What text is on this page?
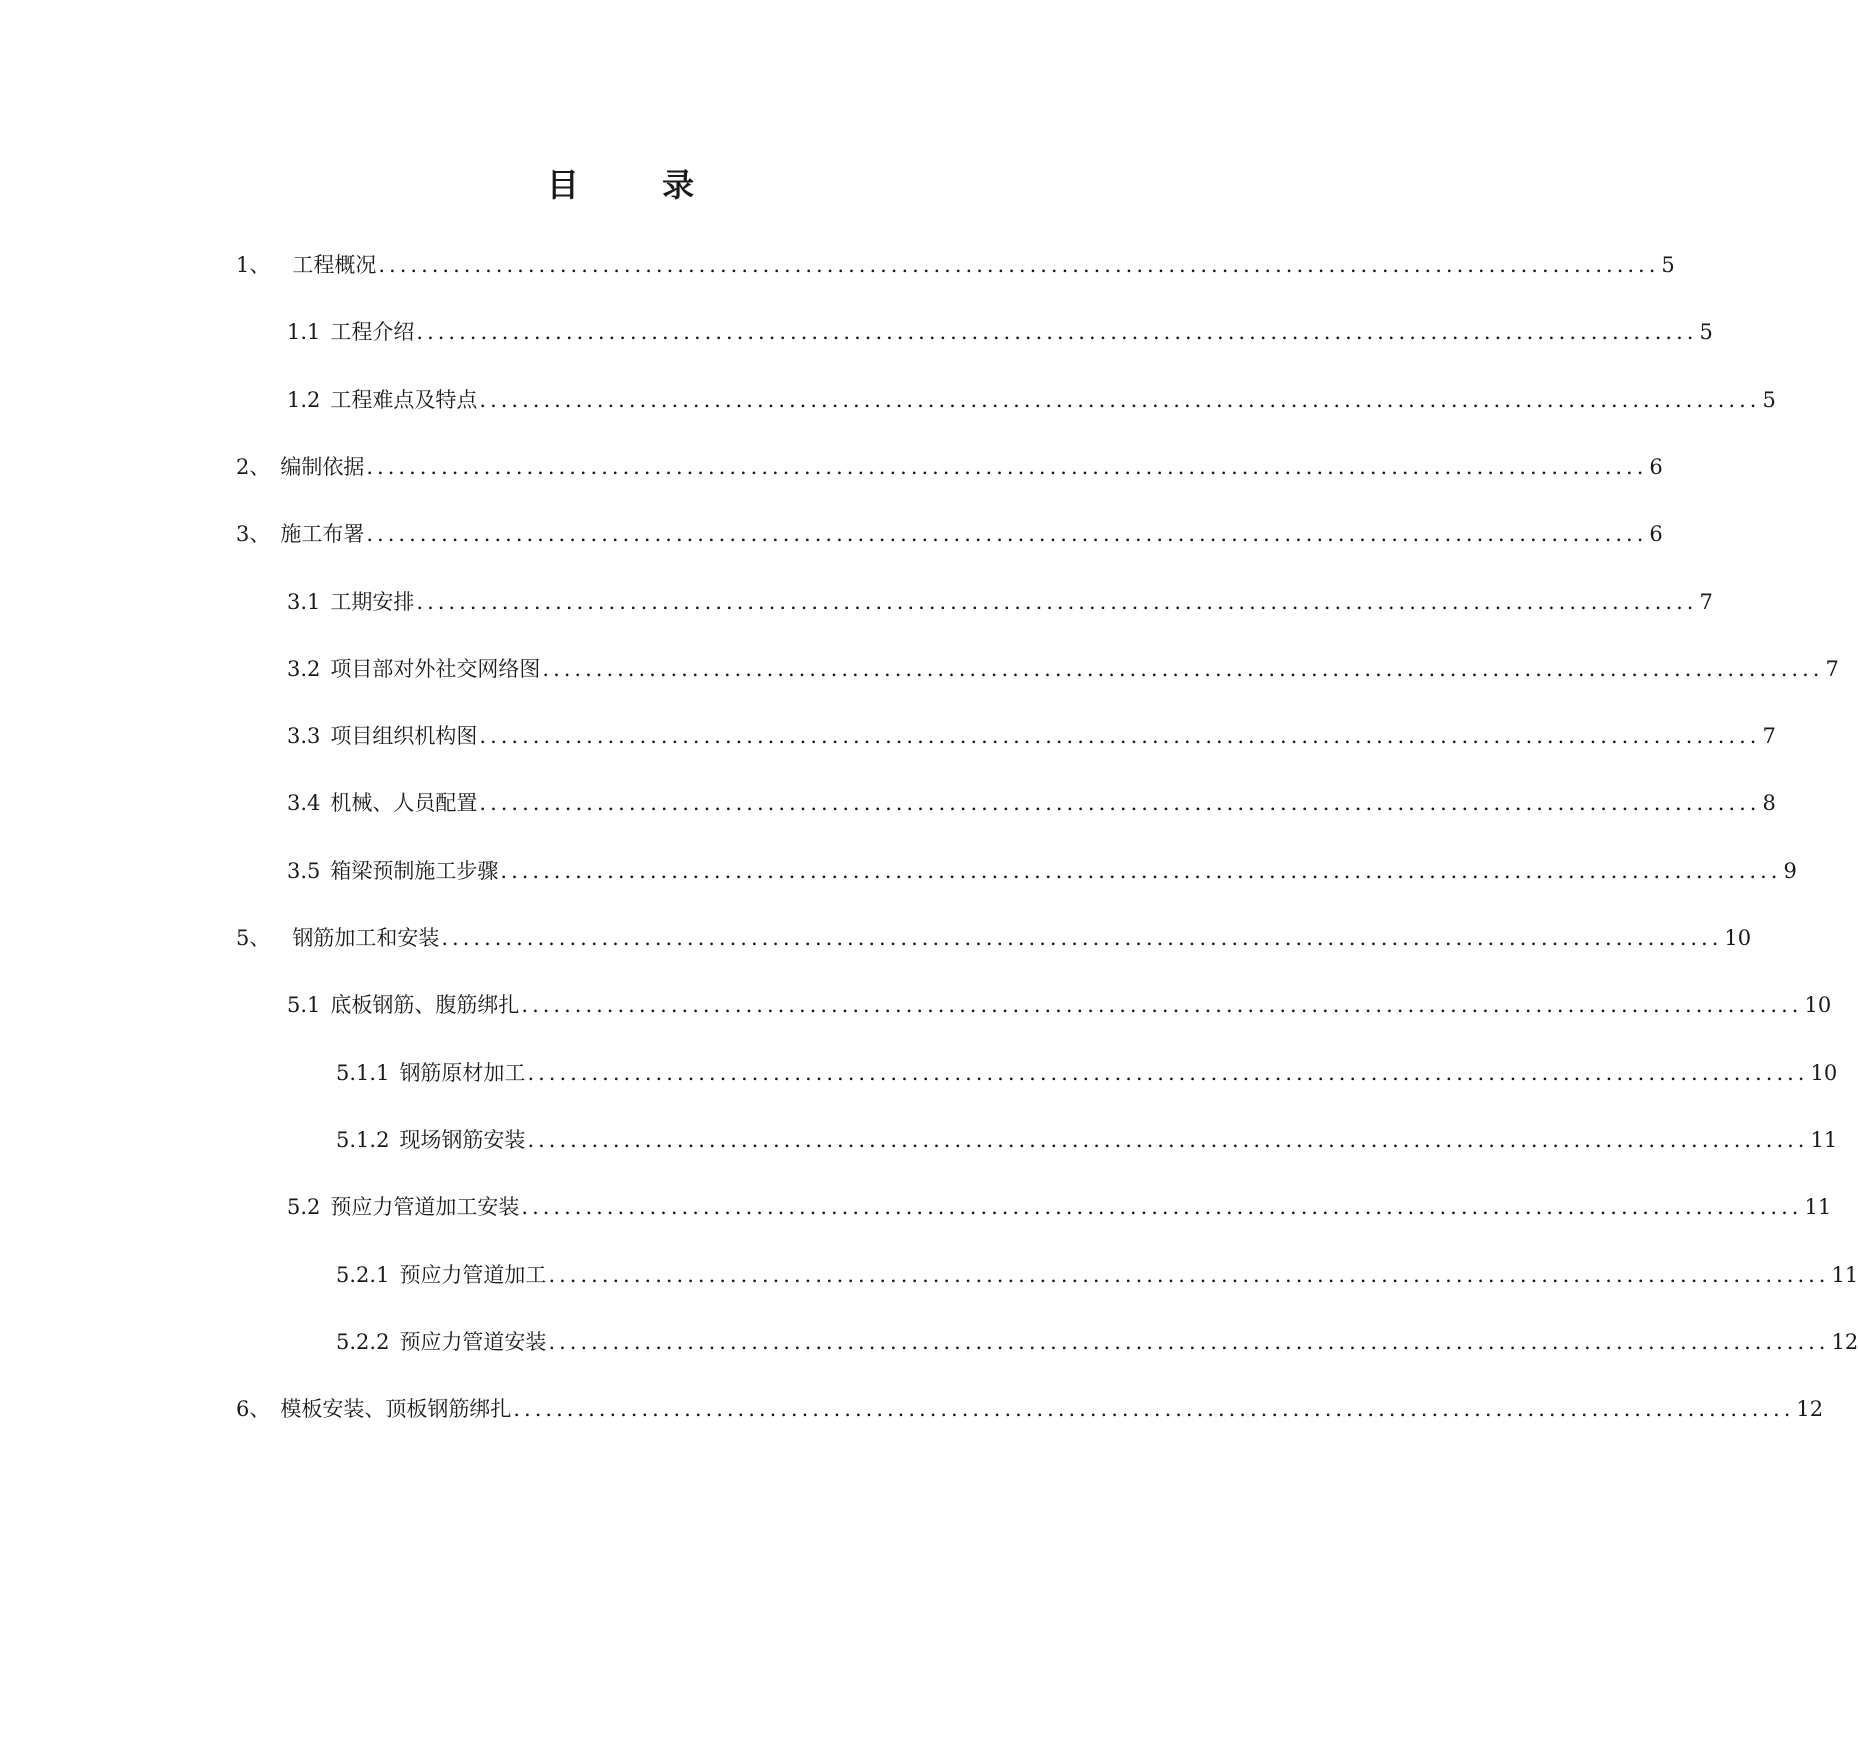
目 录
1、	工程概况 ........................................................................................................................ 5
1.1 工程介绍 ........................................................................................................................ 5
1.2 工程难点及特点 ........................................................................................................................ 5
2、 编制依据 ........................................................................................................................ 6
3、 施工布署 ........................................................................................................................ 6
3.1 工期安排 ........................................................................................................................ 7
3.2 项目部对外社交网络图 ........................................................................................................................ 7
3.3 项目组织机构图 ........................................................................................................................ 7
3.4 机械、人员配置 ........................................................................................................................ 8
3.5 箱梁预制施工步骤 ........................................................................................................................ 9
5、	钢筋加工和安装 ........................................................................................................................ 10
5.1 底板钢筋、腹筋绑扎 ........................................................................................................................ 10
5.1.1 钢筋原材加工 ........................................................................................................................ 10
5.1.2 现场钢筋安装 ........................................................................................................................ 11
5.2 预应力管道加工安装 ........................................................................................................................ 11
5.2.1 预应力管道加工 ........................................................................................................................ 11
5.2.2 预应力管道安装 ........................................................................................................................ 12
6、 模板安装、顶板钢筋绑扎 ........................................................................................................................ 12
